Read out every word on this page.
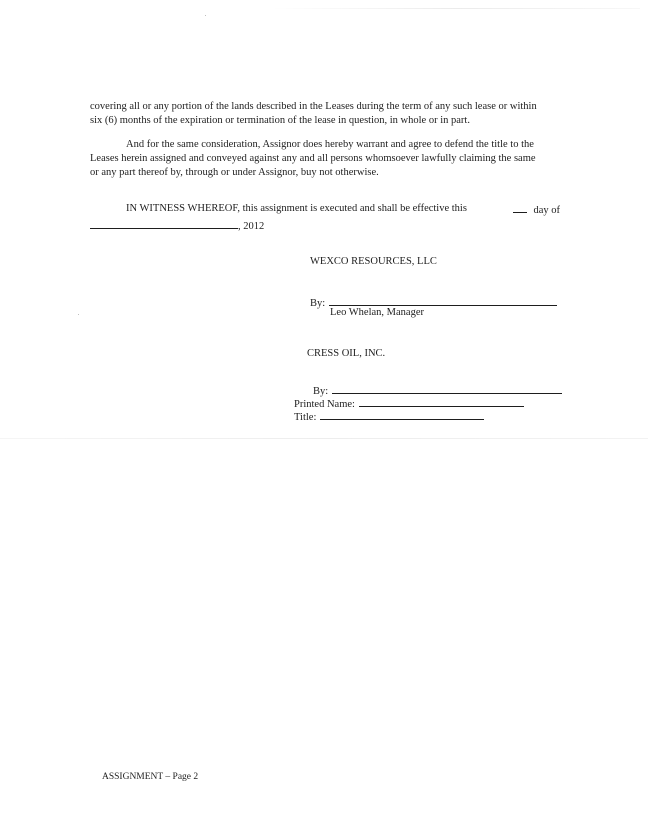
covering all or any portion of the lands described in the Leases during the term of any such lease or within
six (6) months of the expiration or termination of the lease in question, in whole or in part.
And for the same consideration, Assignor does hereby warrant and agree to defend the title to the
Leases herein assigned and conveyed against any and all persons whomsoever lawfully claiming the same
or any part thereof by, through or under Assignor, buy not otherwise.
IN WITNESS WHEREOF, this assignment is executed and shall be effective this	day of
, 2012
WEXCO RESOURCES, LLC
By:
Leo Whelan, Manager
CRESS OIL, INC.
By:
Printed Name:
Title:
ASSIGNMENT – Page 2
